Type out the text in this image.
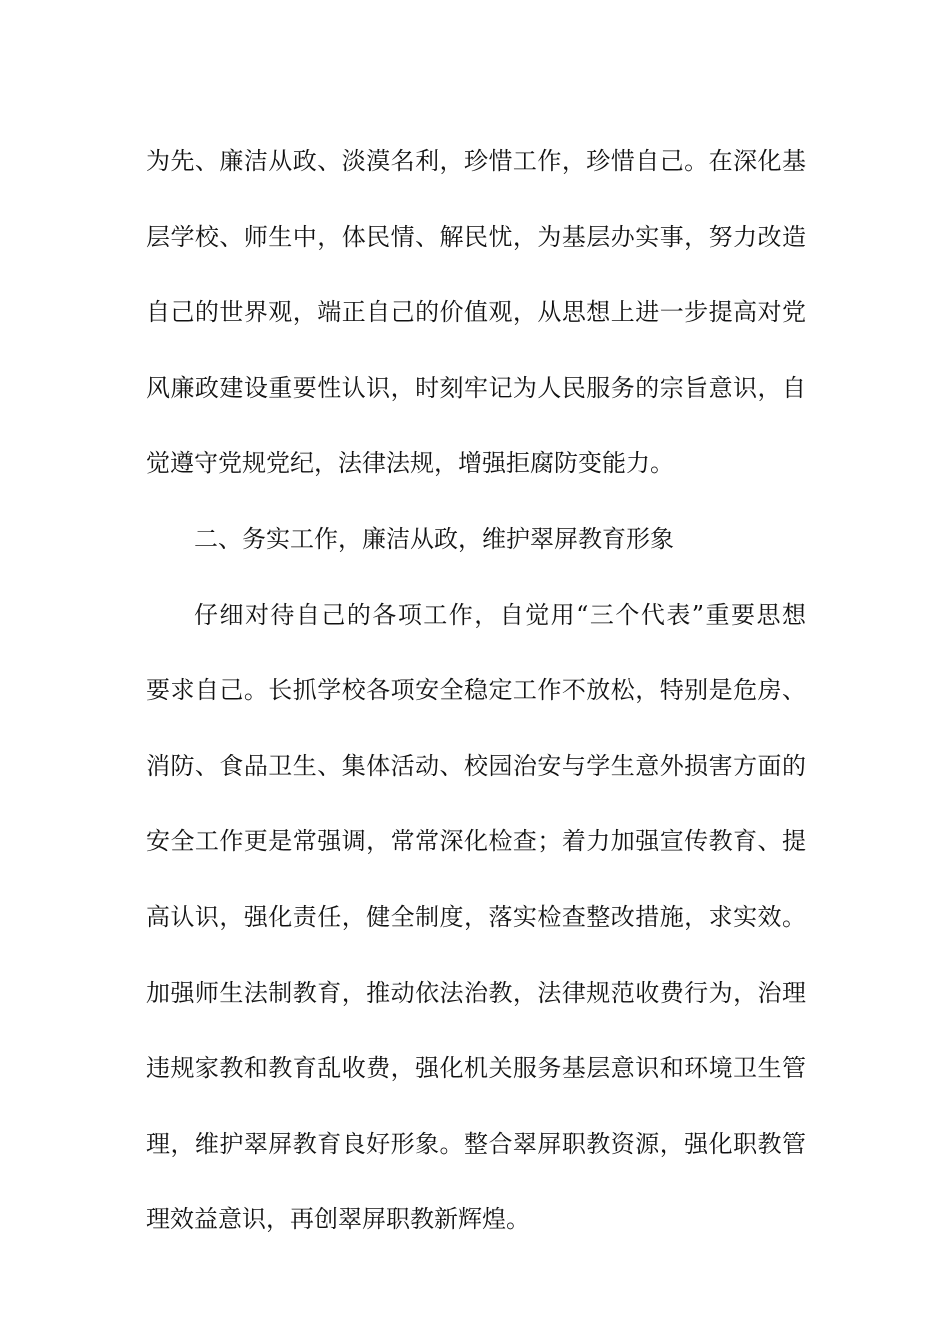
为先、廉洁从政、淡漠名利，珍惜工作，珍惜自己。在深化基
层学校、师生中，体民情、解民忧，为基层办实事，努力改造
自己的世界观，端正自己的价值观，从思想上进一步提高对党
风廉政建设重要性认识，时刻牢记为人民服务的宗旨意识，自
觉遵守党规党纪，法律法规，增强拒腐防变能力。
二、务实工作，廉洁从政，维护翠屏教育形象
仔细对待自己的各项工作，自觉用“三个代表”重要思想
要求自己。长抓学校各项安全稳定工作不放松，特别是危房、
消防、食品卫生、集体活动、校园治安与学生意外损害方面的
安全工作更是常强调，常常深化检查；着力加强宣传教育、提
高认识，强化责任，健全制度，落实检查整改措施，求实效。
加强师生法制教育，推动依法治教，法律规范收费行为，治理
违规家教和教育乱收费，强化机关服务基层意识和环境卫生管
理，维护翠屏教育良好形象。整合翠屏职教资源，强化职教管
理效益意识，再创翠屏职教新辉煌。
